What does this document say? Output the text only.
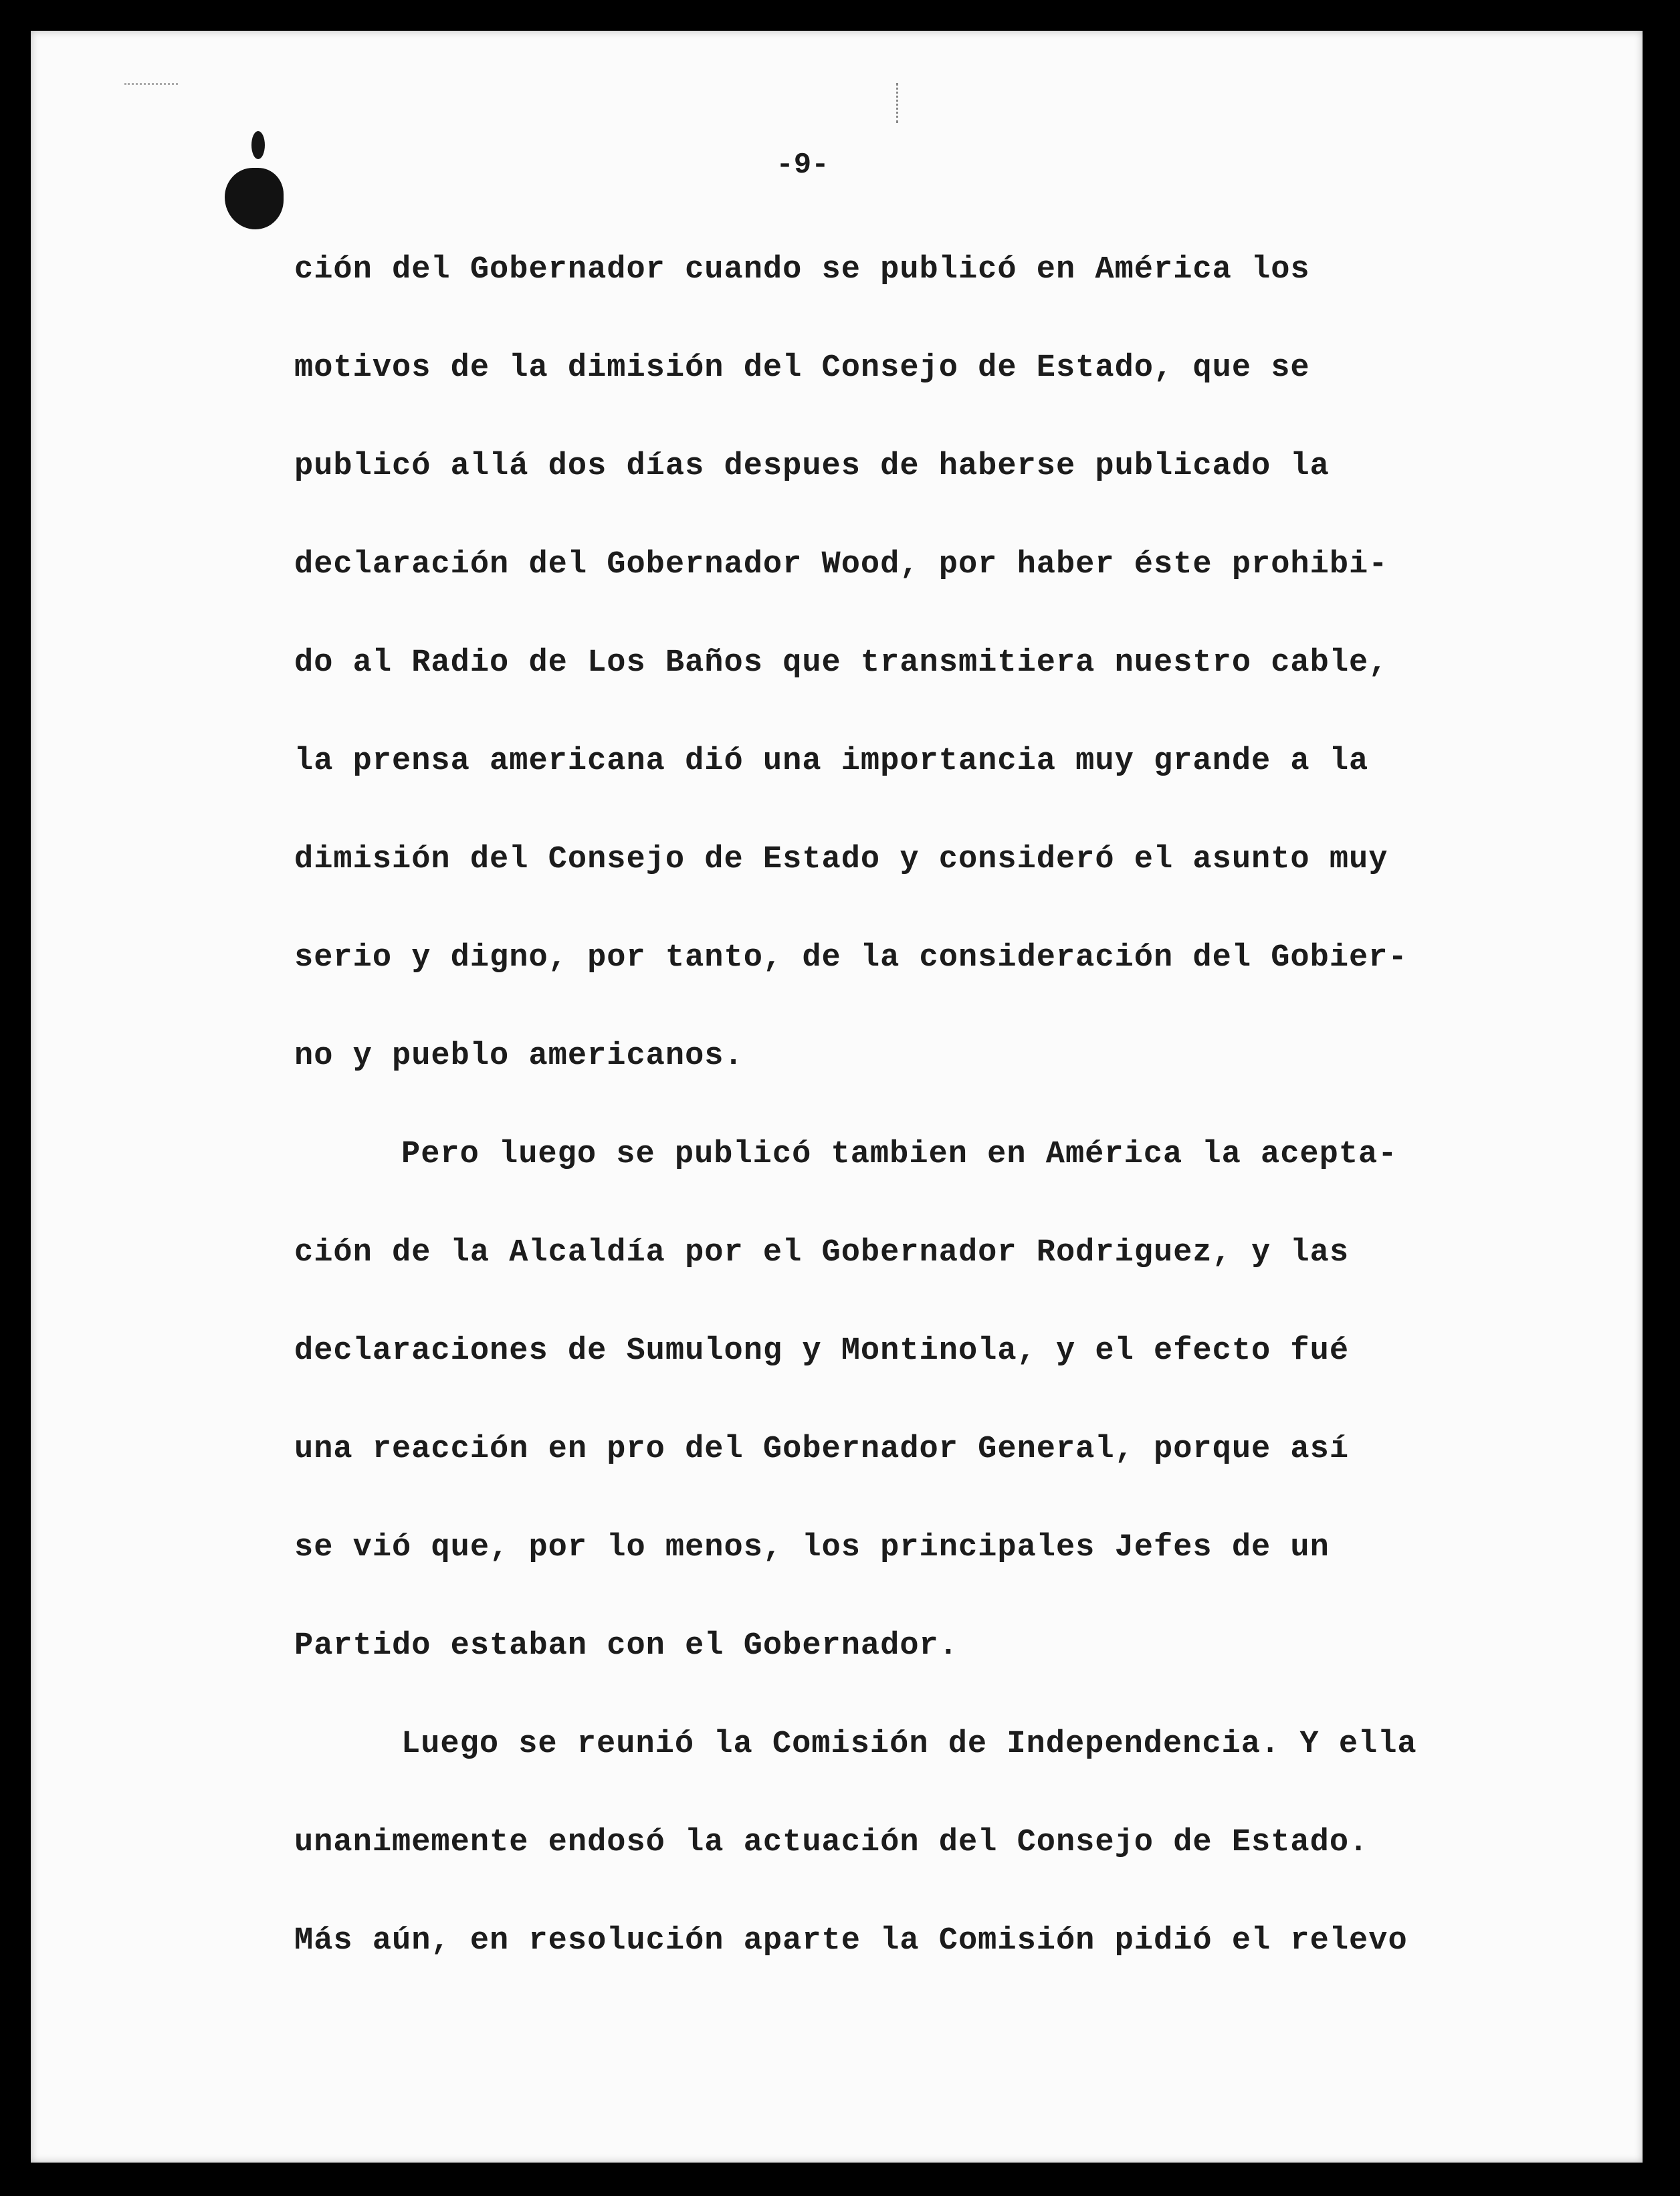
-9-

ción del Gobernador cuando se publicó en América los

motivos de la dimisión del Consejo de Estado, que se

publicó allá dos días despues de haberse publicado la

declaración del Gobernador Wood, por haber éste prohibi-

do al Radio de Los Baños que transmitiera nuestro cable,

la prensa americana dió una importancia muy grande a la

dimisión del Consejo de Estado y consideró el asunto muy

serio y digno, por tanto, de la consideración del Gobier-

no y pueblo americanos.

Pero luego se publicó tambien en América la acepta-

ción de la Alcaldía por el Gobernador Rodriguez, y las

declaraciones de Sumulong y Montinola, y el efecto fué

una reacción en pro del Gobernador General, porque así

se vió que, por lo menos, los principales Jefes de un

Partido estaban con el Gobernador.

Luego se reunió la Comisión de Independencia. Y ella

unanimemente endosó la actuación del Consejo de Estado.

Más aún, en resolución aparte la Comisión pidió el relevo
